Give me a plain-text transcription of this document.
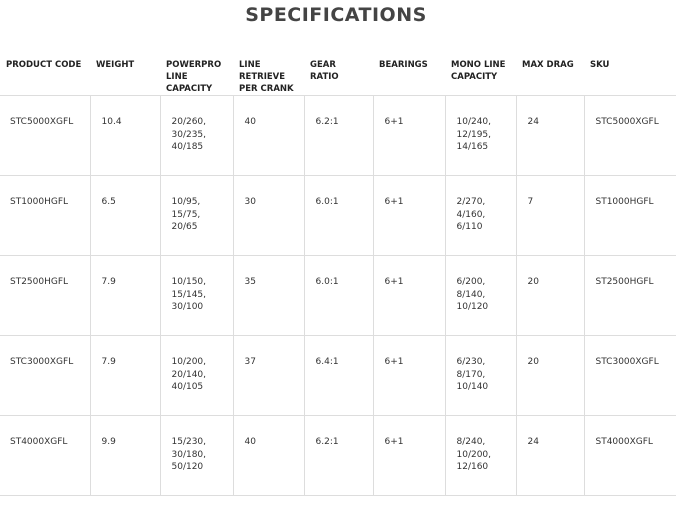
SPECIFICATIONS
PRODUCT CODE	WEIGHT	POWERPRO LINE CAPACITY	LINE RETRIEVE PER CRANK	GEAR RATIO	BEARINGS	MONO LINE CAPACITY	MAX DRAG	SKU
STC5000XGFL	10.4	20/260,
30/235,
40/185	40	6.2:1	6+1	10/240,
12/195,
14/165	24	STC5000XGFL
ST1000HGFL	6.5	10/95,
15/75,
20/65	30	6.0:1	6+1	2/270,
4/160,
6/110	7	ST1000HGFL
ST2500HGFL	7.9	10/150,
15/145,
30/100	35	6.0:1	6+1	6/200,
8/140,
10/120	20	ST2500HGFL
STC3000XGFL	7.9	10/200,
20/140,
40/105	37	6.4:1	6+1	6/230,
8/170,
10/140	20	STC3000XGFL
ST4000XGFL	9.9	15/230,
30/180,
50/120	40	6.2:1	6+1	8/240,
10/200,
12/160	24	ST4000XGFL
